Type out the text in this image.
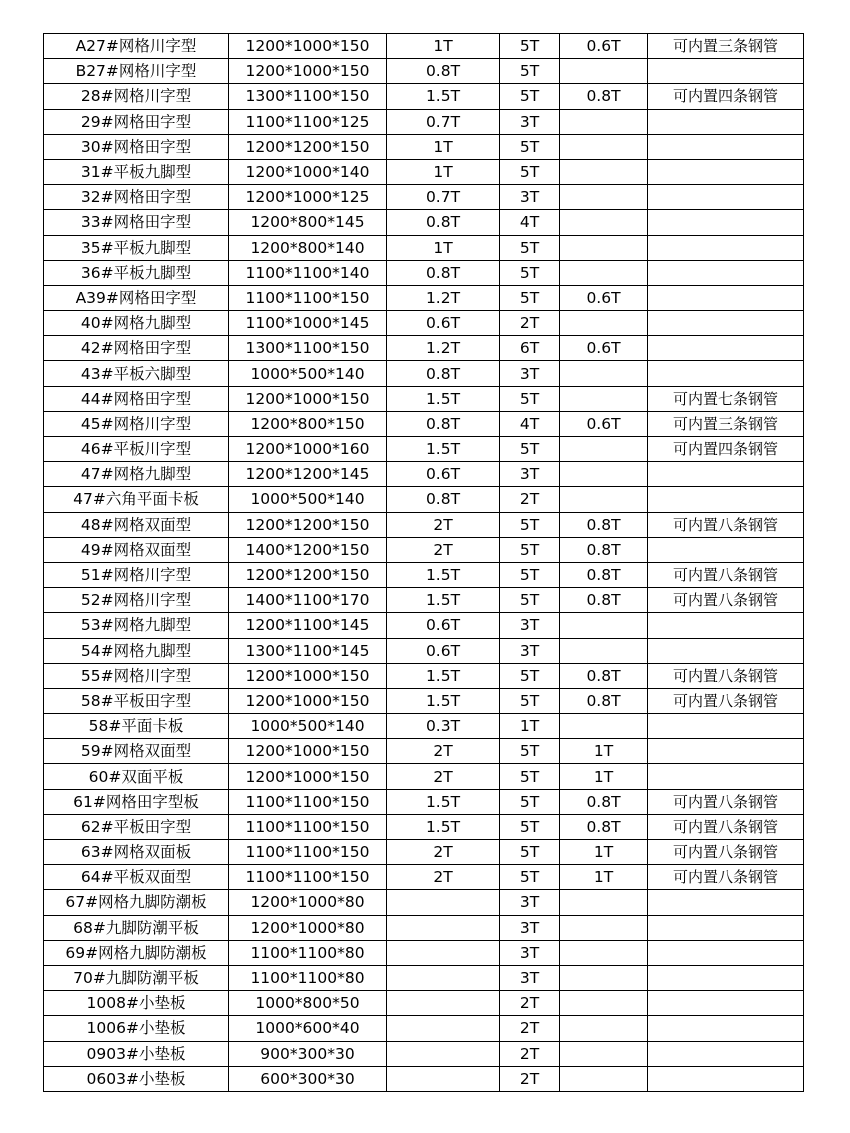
A27#网格川字型	1200*1000*150	1T	5T	0.6T	可内置三条钢管
B27#网格川字型	1200*1000*150	0.8T	5T		
28#网格川字型	1300*1100*150	1.5T	5T	0.8T	可内置四条钢管
29#网格田字型	1100*1100*125	0.7T	3T		
30#网格田字型	1200*1200*150	1T	5T		
31#平板九脚型	1200*1000*140	1T	5T		
32#网格田字型	1200*1000*125	0.7T	3T		
33#网格田字型	1200*800*145	0.8T	4T		
35#平板九脚型	1200*800*140	1T	5T		
36#平板九脚型	1100*1100*140	0.8T	5T		
A39#网格田字型	1100*1100*150	1.2T	5T	0.6T	
40#网格九脚型	1100*1000*145	0.6T	2T		
42#网格田字型	1300*1100*150	1.2T	6T	0.6T	
43#平板六脚型	1000*500*140	0.8T	3T		
44#网格田字型	1200*1000*150	1.5T	5T		可内置七条钢管
45#网格川字型	1200*800*150	0.8T	4T	0.6T	可内置三条钢管
46#平板川字型	1200*1000*160	1.5T	5T		可内置四条钢管
47#网格九脚型	1200*1200*145	0.6T	3T		
47#六角平面卡板	1000*500*140	0.8T	2T		
48#网格双面型	1200*1200*150	2T	5T	0.8T	可内置八条钢管
49#网格双面型	1400*1200*150	2T	5T	0.8T	
51#网格川字型	1200*1200*150	1.5T	5T	0.8T	可内置八条钢管
52#网格川字型	1400*1100*170	1.5T	5T	0.8T	可内置八条钢管
53#网格九脚型	1200*1100*145	0.6T	3T		
54#网格九脚型	1300*1100*145	0.6T	3T		
55#网格川字型	1200*1000*150	1.5T	5T	0.8T	可内置八条钢管
58#平板田字型	1200*1000*150	1.5T	5T	0.8T	可内置八条钢管
58#平面卡板	1000*500*140	0.3T	1T		
59#网格双面型	1200*1000*150	2T	5T	1T	
60#双面平板	1200*1000*150	2T	5T	1T	
61#网格田字型板	1100*1100*150	1.5T	5T	0.8T	可内置八条钢管
62#平板田字型	1100*1100*150	1.5T	5T	0.8T	可内置八条钢管
63#网格双面板	1100*1100*150	2T	5T	1T	可内置八条钢管
64#平板双面型	1100*1100*150	2T	5T	1T	可内置八条钢管
67#网格九脚防潮板	1200*1000*80		3T		
68#九脚防潮平板	1200*1000*80		3T		
69#网格九脚防潮板	1100*1100*80		3T		
70#九脚防潮平板	1100*1100*80		3T		
1008#小垫板	1000*800*50		2T		
1006#小垫板	1000*600*40		2T		
0903#小垫板	900*300*30		2T		
0603#小垫板	600*300*30		2T		
